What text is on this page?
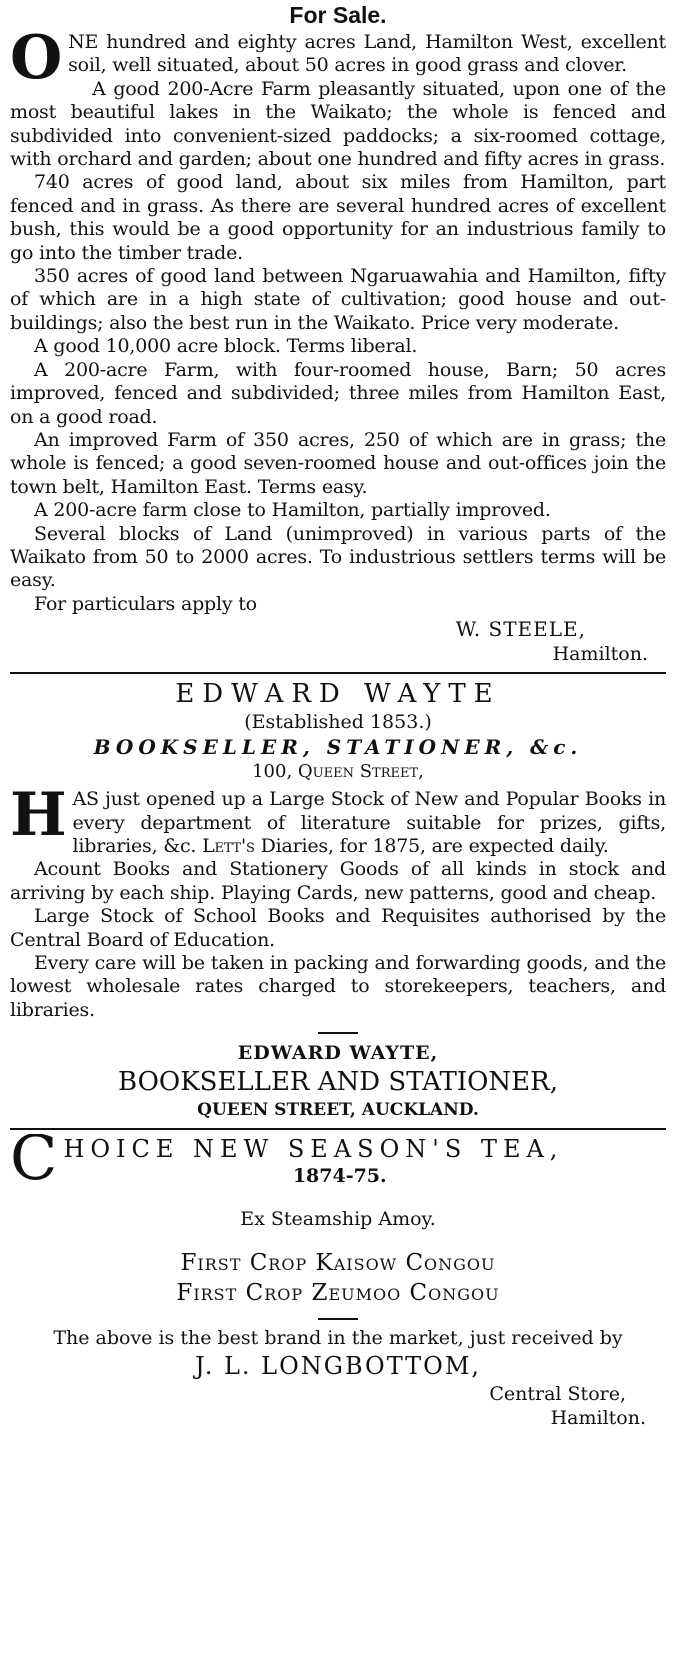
For Sale.

ONE hundred and eighty acres Land, Hamilton West, excellent soil, well situated, about 50 acres in good grass and clover.

A good 200-Acre Farm pleasantly situated, upon one of the most beautiful lakes in the Waikato; the whole is fenced and subdivided into convenient-sized paddocks; a six-roomed cottage, with orchard and garden; about one hundred and fifty acres in grass.

740 acres of good land, about six miles from Hamilton, part fenced and in grass. As there are several hundred acres of excellent bush, this would be a good opportunity for an industrious family to go into the timber trade.

350 acres of good land between Ngaruawahia and Hamilton, fifty of which are in a high state of cultivation; good house and out-buildings; also the best run in the Waikato. Price very moderate.

A good 10,000 acre block. Terms liberal.

A 200-acre Farm, with four-roomed house, Barn; 50 acres improved, fenced and subdivided; three miles from Hamilton East, on a good road.

An improved Farm of 350 acres, 250 of which are in grass; the whole is fenced; a good seven-roomed house and out-offices join the town belt, Hamilton East. Terms easy.

A 200-acre farm close to Hamilton, partially improved.

Several blocks of Land (unimproved) in various parts of the Waikato from 50 to 2000 acres. To industrious settlers terms will be easy.

For particulars apply to

W. STEELE,
Hamilton.
EDWARD WAYTE
(Established 1853.)
BOOKSELLER, STATIONER, &c.
100, Queen Street,

HAS just opened up a Large Stock of New and Popular Books in every department of literature suitable for prizes, gifts, libraries, &c. Lett's Diaries, for 1875, are expected daily.

Acount Books and Stationery Goods of all kinds in stock and arriving by each ship. Playing Cards, new patterns, good and cheap.

Large Stock of School Books and Requisites authorised by the Central Board of Education.

Every care will be taken in packing and forwarding goods, and the lowest wholesale rates charged to storekeepers, teachers, and libraries.

EDWARD WAYTE,
BOOKSELLER AND STATIONER,
QUEEN STREET, AUCKLAND.
C HOICE NEW SEASON'S TEA,
1874-75.
Ex Steamship Amoy.
First Crop Kaisow Congou
First Crop Zeumoo Congou
The above is the best brand in the market, just received by
J. L. LONGBOTTOM,
Central Store,
Hamilton.
